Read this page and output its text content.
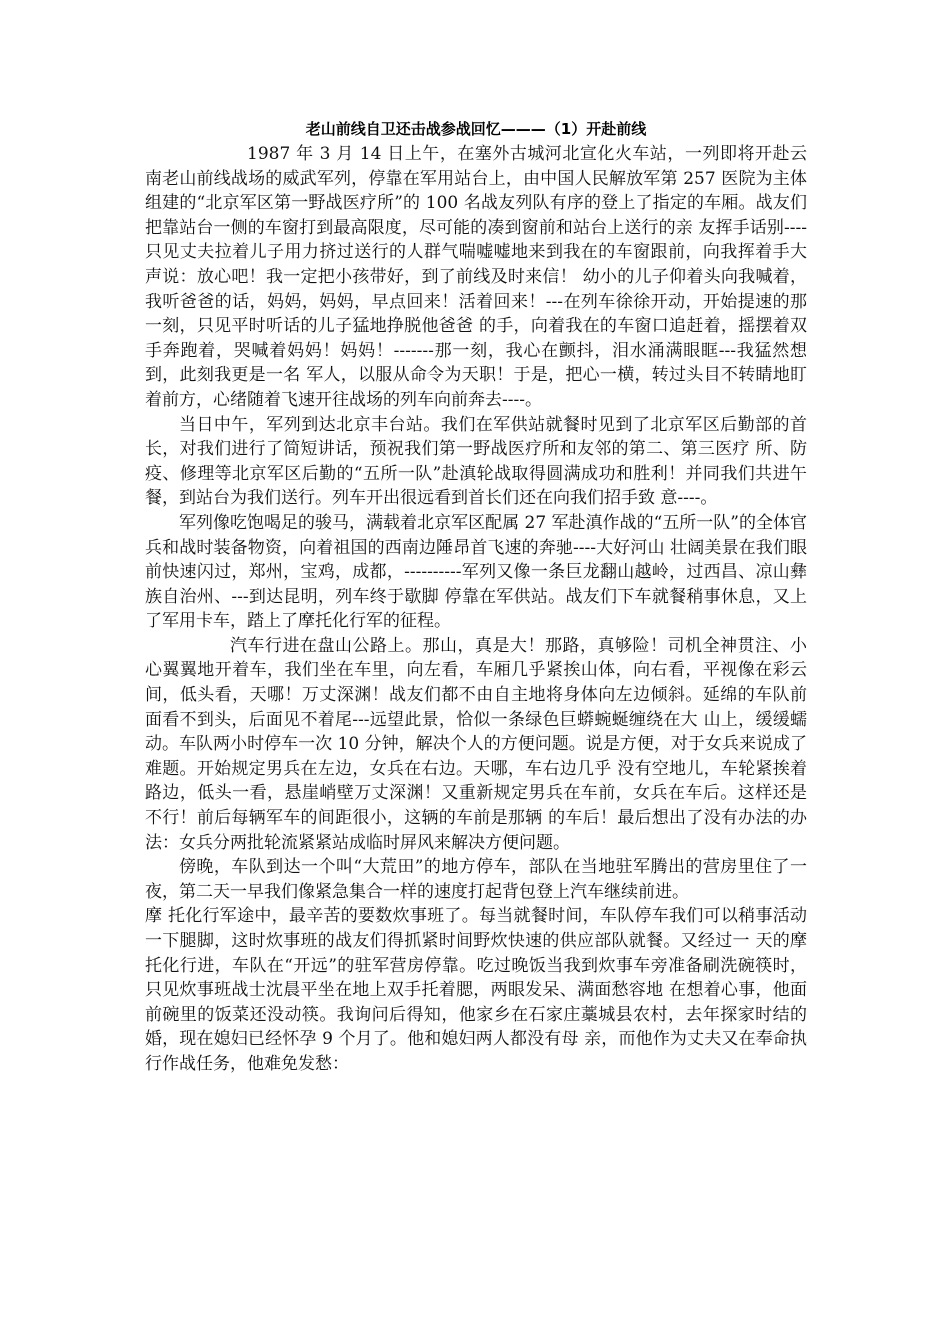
老山前线自卫还击战参战回忆———（1）开赴前线

1987 年 3 月 14 日上午，在塞外古城河北宣化火车站，一列即将开赴云南老山前线战场的威武军列，停靠在军用站台上，由中国人民解放军第 257 医院为主体 组建的“北京军区第一野战医疗所”的 100 名战友列队有序的登上了指定的车厢。战友们把靠站台一侧的车窗打到最高限度，尽可能的凑到窗前和站台上送行的亲 友挥手话别----只见丈夫拉着儿子用力挤过送行的人群气喘嘘嘘地来到我在的车窗跟前，向我挥着手大声说：放心吧！我一定把小孩带好，到了前线及时来信！ 幼小的儿子仰着头向我喊着，我听爸爸的话，妈妈，妈妈，早点回来！活着回来！---在列车徐徐开动，开始提速的那一刻，只见平时听话的儿子猛地挣脱他爸爸 的手，向着我在的车窗口追赶着，摇摆着双手奔跑着，哭喊着妈妈！妈妈！-------那一刻，我心在颤抖，泪水涌满眼眶---我猛然想到，此刻我更是一名 军人，以服从命令为天职！于是，把心一横，转过头目不转睛地盯着前方，心绪随着飞速开往战场的列车向前奔去----。

当日中午，军列到达北京丰台站。我们在军供站就餐时见到了北京军区后勤部的首长，对我们进行了简短讲话，预祝我们第一野战医疗所和友邻的第二、第三医疗 所、防疫、修理等北京军区后勤的“五所一队”赴滇轮战取得圆满成功和胜利！并同我们共进午餐，到站台为我们送行。列车开出很远看到首长们还在向我们招手致 意----。

军列像吃饱喝足的骏马，满载着北京军区配属 27 军赴滇作战的“五所一队”的全体官兵和战时装备物资，向着祖国的西南边陲昂首飞速的奔驰----大好河山 壮阔美景在我们眼前快速闪过，郑州，宝鸡，成都，----------军列又像一条巨龙翻山越岭，过西昌、凉山彝族自治州、---到达昆明，列车终于歇脚 停靠在军供站。战友们下车就餐稍事休息，又上了军用卡车，踏上了摩托化行军的征程。

汽车行进在盘山公路上。那山，真是大！那路，真够险！司机全神贯注、小心翼翼地开着车，我们坐在车里，向左看，车厢几乎紧挨山体，向右看，平视像在彩云 间，低头看，天哪！万丈深渊！战友们都不由自主地将身体向左边倾斜。延绵的车队前面看不到头，后面见不着尾---远望此景，恰似一条绿色巨蟒蜿蜒缠绕在大 山上，缓缓蠕动。车队两小时停车一次 10 分钟，解决个人的方便问题。说是方便，对于女兵来说成了难题。开始规定男兵在左边，女兵在右边。天哪，车右边几乎 没有空地儿，车轮紧挨着路边，低头一看，悬崖峭壁万丈深渊！又重新规定男兵在车前，女兵在车后。这样还是不行！前后每辆军车的间距很小，这辆的车前是那辆 的车后！最后想出了没有办法的办法：女兵分两批轮流紧紧站成临时屏风来解决方便问题。

傍晚，车队到达一个叫“大荒田”的地方停车，部队在当地驻军腾出的营房里住了一夜，第二天一早我们像紧急集合一样的速度打起背包登上汽车继续前进。

摩 托化行军途中，最辛苦的要数炊事班了。每当就餐时间，车队停车我们可以稍事活动一下腿脚，这时炊事班的战友们得抓紧时间野炊快速的供应部队就餐。又经过一 天的摩托化行进，车队在“开远”的驻军营房停靠。吃过晚饭当我到炊事车旁准备刷洗碗筷时，只见炊事班战士沈晨平坐在地上双手托着腮，两眼发呆、满面愁容地 在想着心事，他面前碗里的饭菜还没动筷。我询问后得知，他家乡在石家庄藁城县农村，去年探家时结的婚，现在媳妇已经怀孕 9 个月了。他和媳妇两人都没有母 亲，而他作为丈夫又在奉命执行作战任务，他难免发愁：
